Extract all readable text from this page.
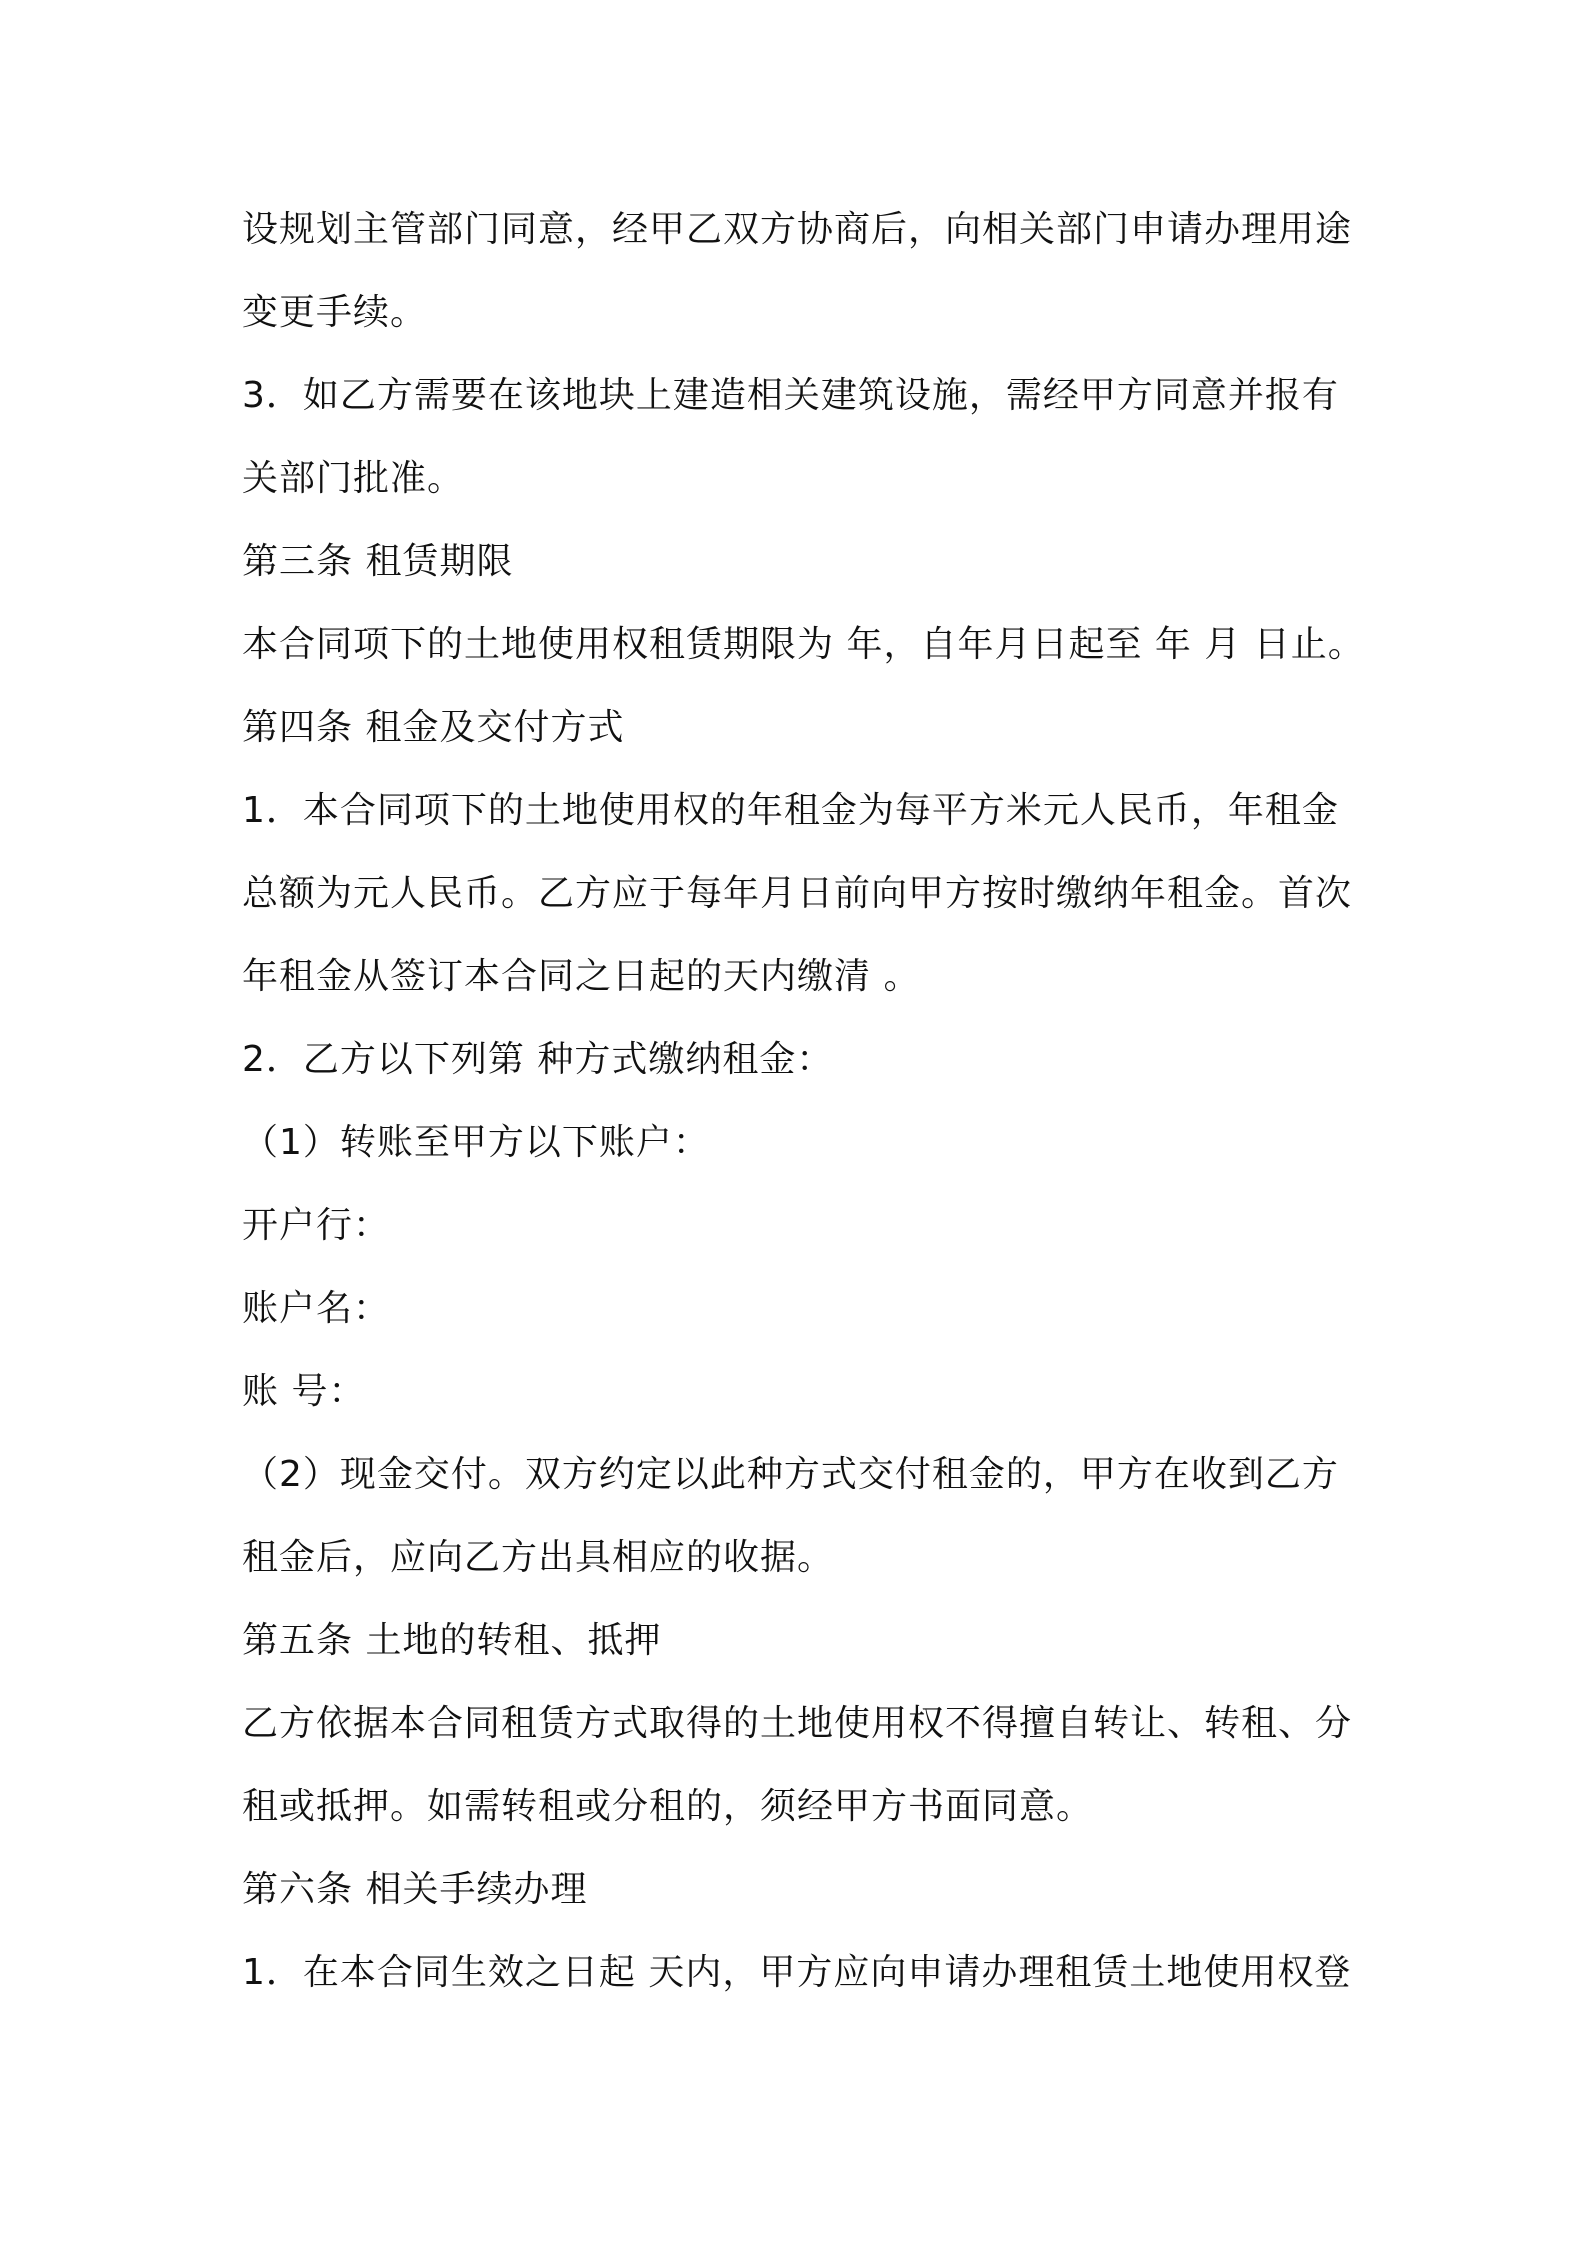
设规划主管部门同意，经甲乙双方协商后，向相关部门申请办理用途
变更手续。
3．如乙方需要在该地块上建造相关建筑设施，需经甲方同意并报有
关部门批准。
第三条 租赁期限
本合同项下的土地使用权租赁期限为 年，自年月日起至 年 月 日止。
第四条 租金及交付方式
1．本合同项下的土地使用权的年租金为每平方米元人民币，年租金
总额为元人民币。乙方应于每年月日前向甲方按时缴纳年租金。首次
年租金从签订本合同之日起的天内缴清 。
2．乙方以下列第 种方式缴纳租金：
（1）转账至甲方以下账户：
开户行：
账户名：
账 号：
（2）现金交付。双方约定以此种方式交付租金的，甲方在收到乙方
租金后，应向乙方出具相应的收据。
第五条 土地的转租、抵押
乙方依据本合同租赁方式取得的土地使用权不得擅自转让、转租、分
租或抵押。如需转租或分租的，须经甲方书面同意。
第六条 相关手续办理
1．在本合同生效之日起 天内，甲方应向申请办理租赁土地使用权登
